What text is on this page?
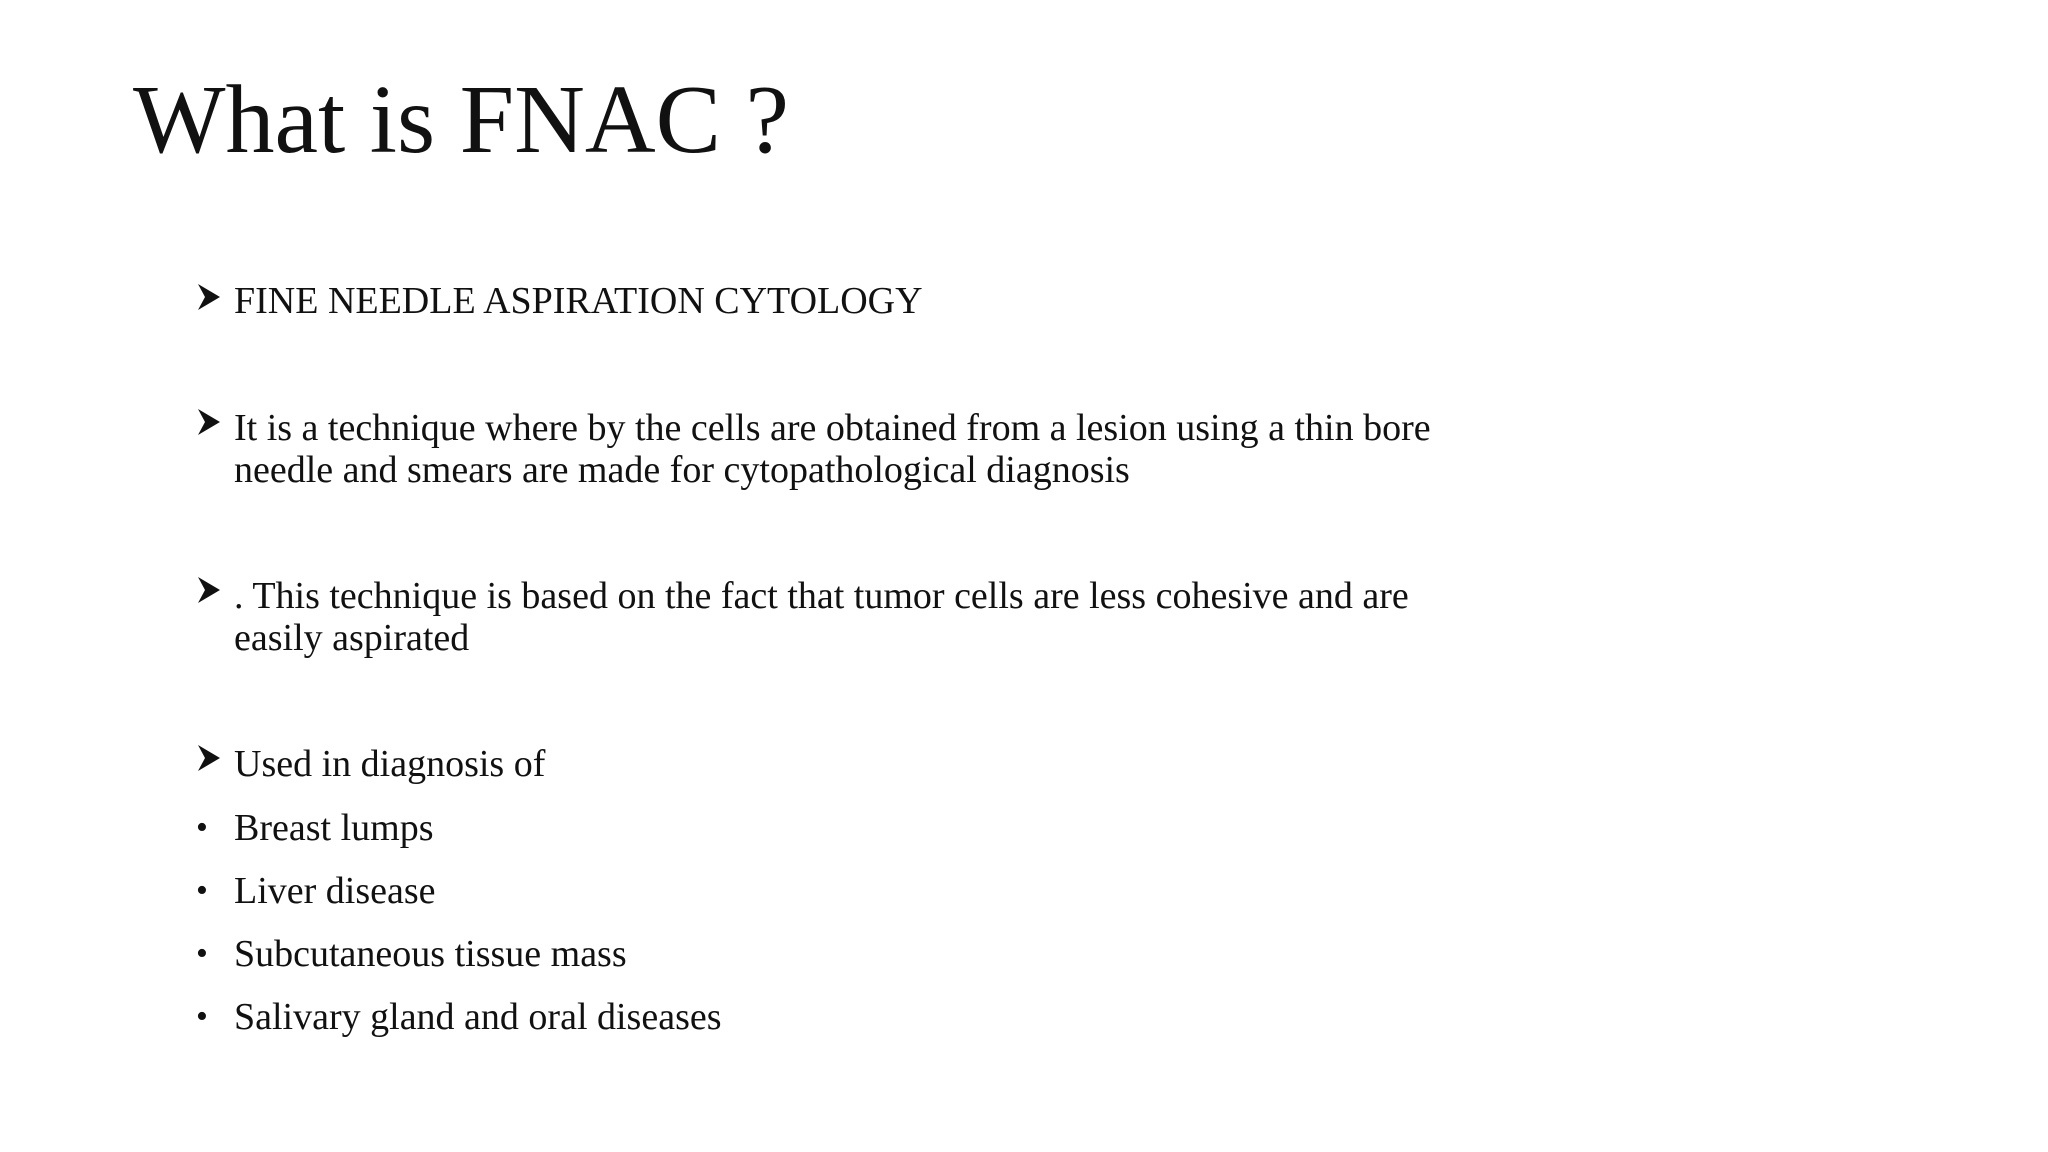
What is FNAC ?
FINE NEEDLE ASPIRATION CYTOLOGY
It is a technique where by the cells are obtained from a lesion using a thin bore
needle and smears are made for cytopathological diagnosis
. This technique is based on the fact that tumor cells are less cohesive and are
easily aspirated
Used in diagnosis of
• Breast lumps
• Liver disease
• Subcutaneous tissue mass
• Salivary gland and oral diseases
